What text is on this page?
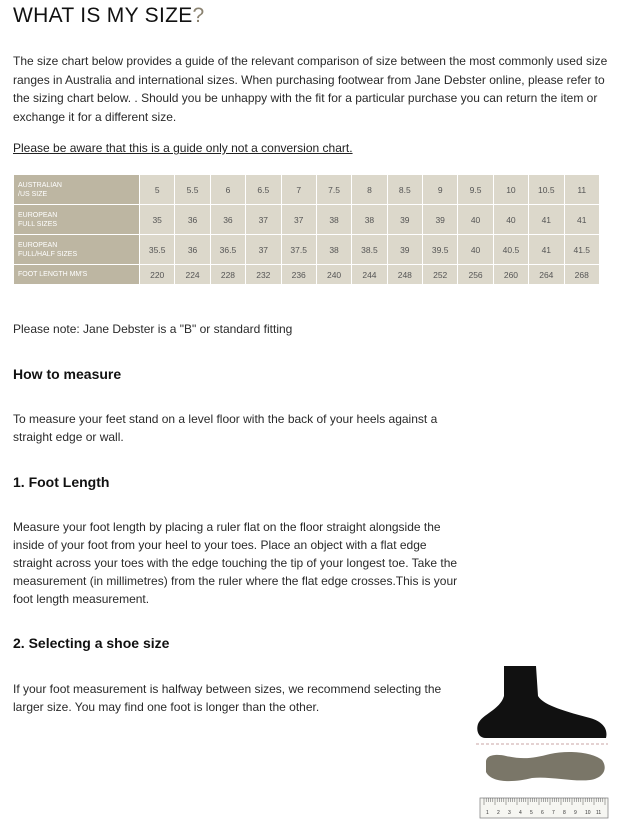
WHAT IS MY SIZE?

The size chart below provides a guide of the relevant comparison of size between the most commonly used size ranges in Australia and international sizes. When purchasing footwear from Jane Debster online, please refer to the sizing chart below. . Should you be unhappy with the fit for a particular purchase you can return the item or exchange it for a different size.

Please be aware that this is a guide only not a conversion chart.

AUSTRALIAN
/US SIZE	5	5.5	6	6.5	7	7.5	8	8.5	9	9.5	10	10.5	11

EUROPEAN
FULL SIZES	35	36	36	37	37	38	38	39	39	40	40	41	41

EUROPEAN
FULL/HALF SIZES	35.5	36	36.5	37	37.5	38	38.5	39	39.5	40	40.5	41	41.5

FOOT LENGTH MM'S	220	224	228	232	236	240	244	248	252	256	260	264	268

Please note: Jane Debster is a "B" or standard fitting

How to measure

To measure your feet stand on a level floor with the back of your heels against a straight edge or wall.

1. Foot Length

Measure your foot length by placing a ruler flat on the floor straight alongside the inside of your foot from your heel to your toes. Place an object with a flat edge straight across your toes with the edge touching the tip of your longest toe. Take the measurement (in millimetres) from the ruler where the flat edge crosses.This is your foot length measurement.

2. Selecting a shoe size

If your foot measurement is halfway between sizes, we recommend selecting the larger size. You may find one foot is longer than the other.

1 2 3 4 5 6 7 8 9 10 11
